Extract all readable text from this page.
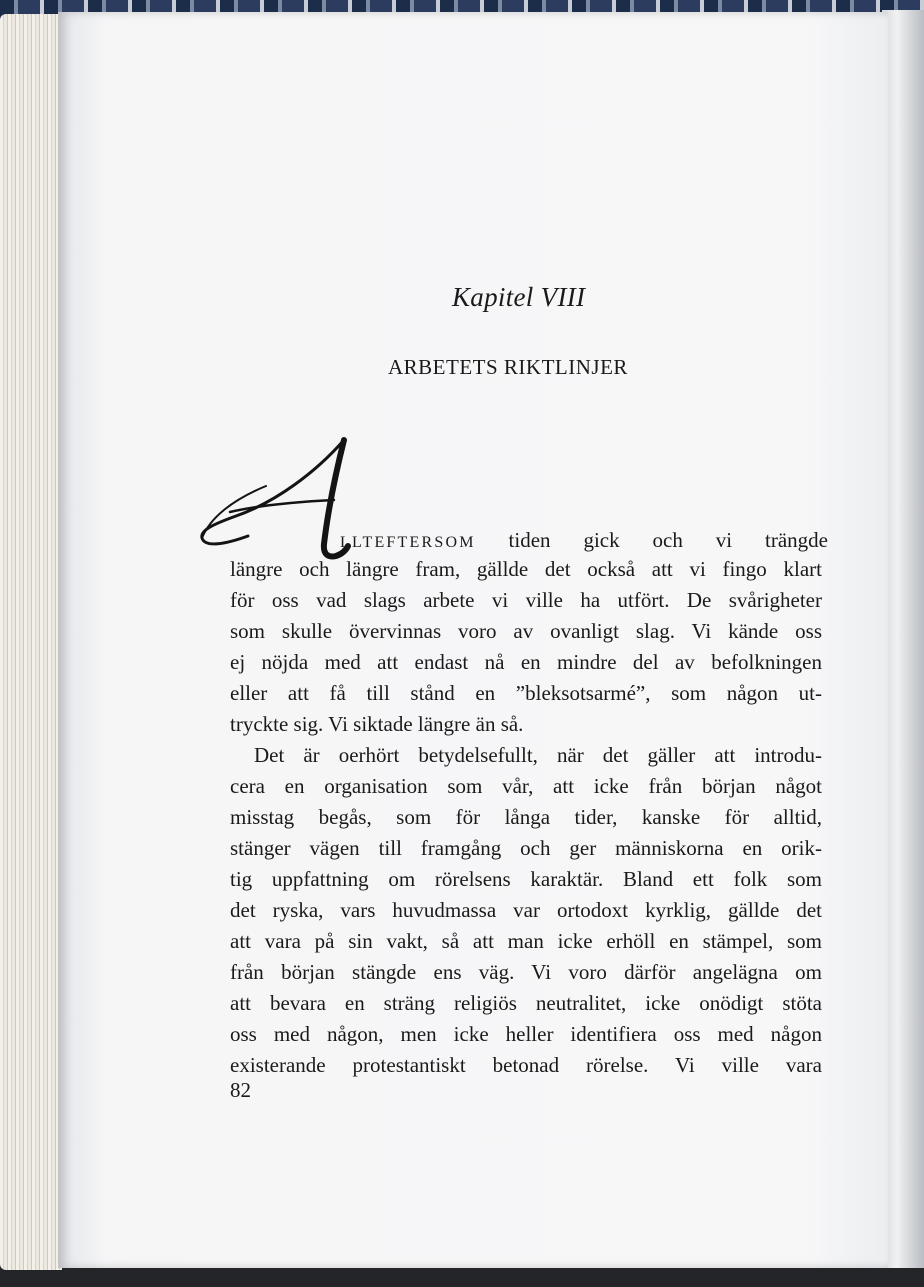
Kapitel VIII
ARBETETS RIKTLINJER
LLTEFTERSOM tiden gick och vi trängde
längre och längre fram, gällde det också att vi fingo klart
för oss vad slags arbete vi ville ha utfört. De svårigheter
som skulle övervinnas voro av ovanligt slag. Vi kände oss
ej nöjda med att endast nå en mindre del av befolkningen
eller att få till stånd en ”bleksotsarmé”, som någon ut-
tryckte sig. Vi siktade längre än så.
Det är oerhört betydelsefullt, när det gäller att introdu-
cera en organisation som vår, att icke från början något
misstag begås, som för långa tider, kanske för alltid,
stänger vägen till framgång och ger människorna en orik-
tig uppfattning om rörelsens karaktär. Bland ett folk som
det ryska, vars huvudmassa var ortodoxt kyrklig, gällde det
att vara på sin vakt, så att man icke erhöll en stämpel, som
från början stängde ens väg. Vi voro därför angelägna om
att bevara en sträng religiös neutralitet, icke onödigt stöta
oss med någon, men icke heller identifiera oss med någon
existerande protestantiskt betonad rörelse. Vi ville vara
82
